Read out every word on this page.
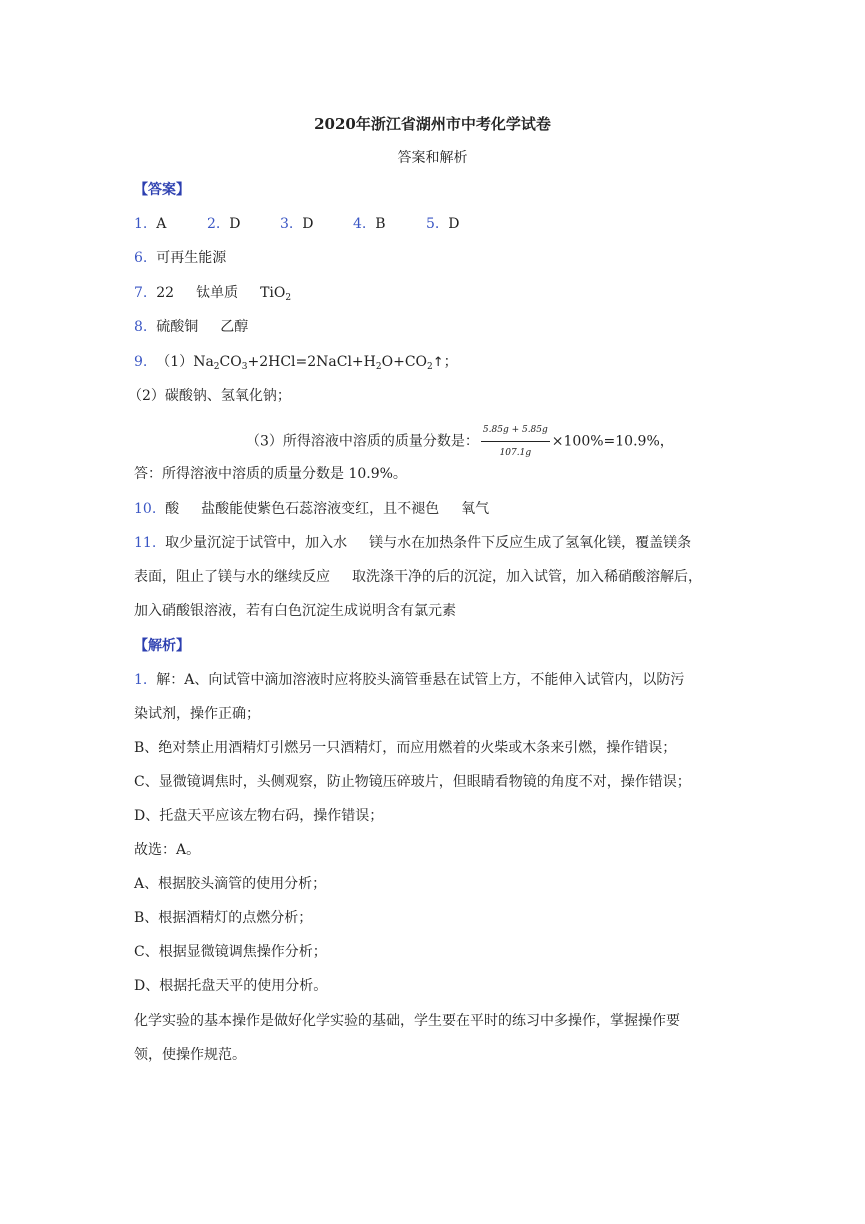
2020年浙江省湖州市中考化学试卷
答案和解析
【答案】
1. A	2. D	3. D	4. B	5. D
6. 可再生能源
7. 22 钛单质 TiO$_2$
8. 硫酸铜 乙醇
9. $(1)Na_2CO_3+2HCl=2NaCl+H_2O+CO_2↑$；
（2）碳酸钠、氢氧化钠；
（3）所得溶液中溶质的质量分数是： $\frac{5.85g + 5.85g}{107.1g} \times 100\%=10.9\%$，
答：所得溶液中溶质的质量分数是 10.9%。
10. 酸 盐酸能使紫色石蕊溶液变红，且不褪色 氧气
11. 取少量沉淀于试管中，加入水 镁与水在加热条件下反应生成了氢氧化镁，覆盖镁条
表面，阻止了镁与水的继续反应 取洗涤干净的后的沉淀，加入试管，加入稀硝酸溶解后，
加入硝酸银溶液，若有白色沉淀生成说明含有氯元素
【解析】
1. 解：A、向试管中滴加溶液时应将胶头滴管垂悬在试管上方，不能伸入试管内，以防污
染试剂，操作正确；
B、绝对禁止用酒精灯引燃另一只酒精灯，而应用燃着的火柴或木条来引燃，操作错误；
C、显微镜调焦时，头侧观察，防止物镜压碎玻片，但眼睛看物镜的角度不对，操作错误；
D、托盘天平应该左物右码，操作错误；
故选：A。
A、根据胶头滴管的使用分析；
B、根据酒精灯的点燃分析；
C、根据显微镜调焦操作分析；
D、根据托盘天平的使用分析。
化学实验的基本操作是做好化学实验的基础，学生要在平时的练习中多操作，掌握操作要
领，使操作规范。
